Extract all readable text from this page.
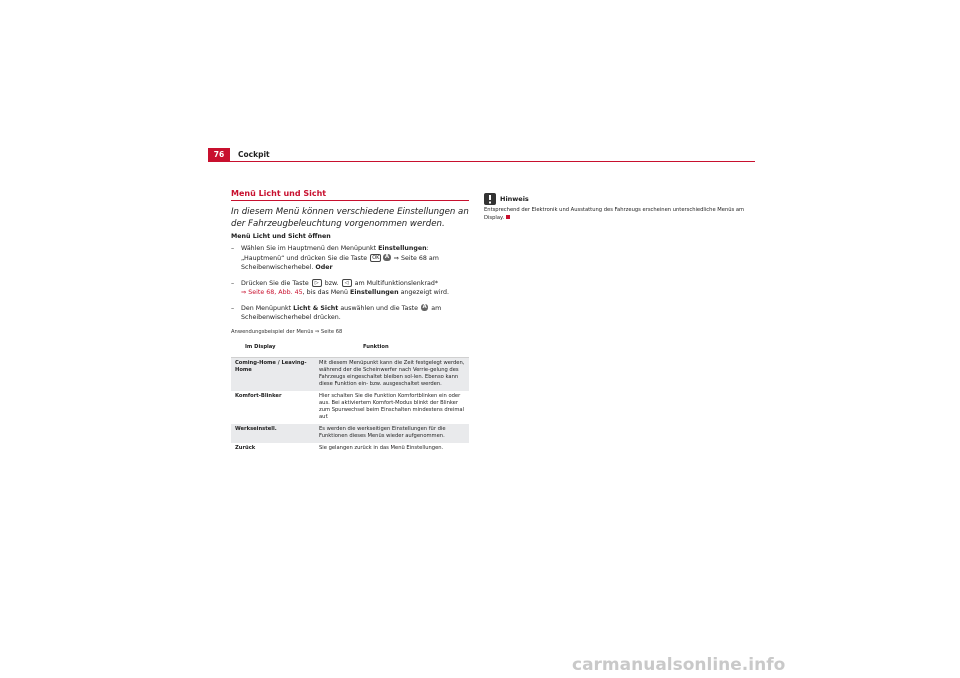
76	Cockpit
Menü Licht und Sicht

In diesem Menü können verschiedene Einstellungen an der Fahrzeugbeleuchtung vorgenommen werden.

Menü Licht und Sicht öffnen
– Wählen Sie im Hauptmenü den Menüpunkt Einstellungen: „Hauptmenü“ und drücken Sie die Taste OK A ⇒ Seite 68 am Scheibenwischerhebel. Oder
– Drücken Sie die Taste ▷ bzw. ◁ am Multifunktionslenkrad*
⇒ Seite 68, Abb. 45, bis das Menü Einstellungen angezeigt wird.
– Den Menüpunkt Licht & Sicht auswählen und die Taste A am Scheibenwischerhebel drücken.
Anwendungsbeispiel der Menüs ⇒ Seite 68
Im Display	Funktion
Coming-Home / Leaving-Home	Mit diesem Menüpunkt kann die Zeit festgelegt werden, während der die Scheinwerfer nach Verrie-gelung des Fahrzeugs eingeschaltet bleiben sol-len. Ebenso kann diese Funktion ein- bzw. ausgeschaltet werden.
Komfort-Blinker	Hier schalten Sie die Funktion Komfortblinken ein oder aus. Bei aktiviertem Komfort-Modus blinkt der Blinker zum Spurwechsel beim Einschalten mindestens dreimal auf.
Werkseinstell.	Es werden die werkseitigen Einstellungen für die Funktionen dieses Menüs wieder aufgenommen.
Zurück	Sie gelangen zurück in das Menü Einstellungen.
Hinweis
Entsprechend der Elektronik und Ausstattung des Fahrzeugs erscheinen unterschiedliche Menüs am Display.
carmanualsonline.info
